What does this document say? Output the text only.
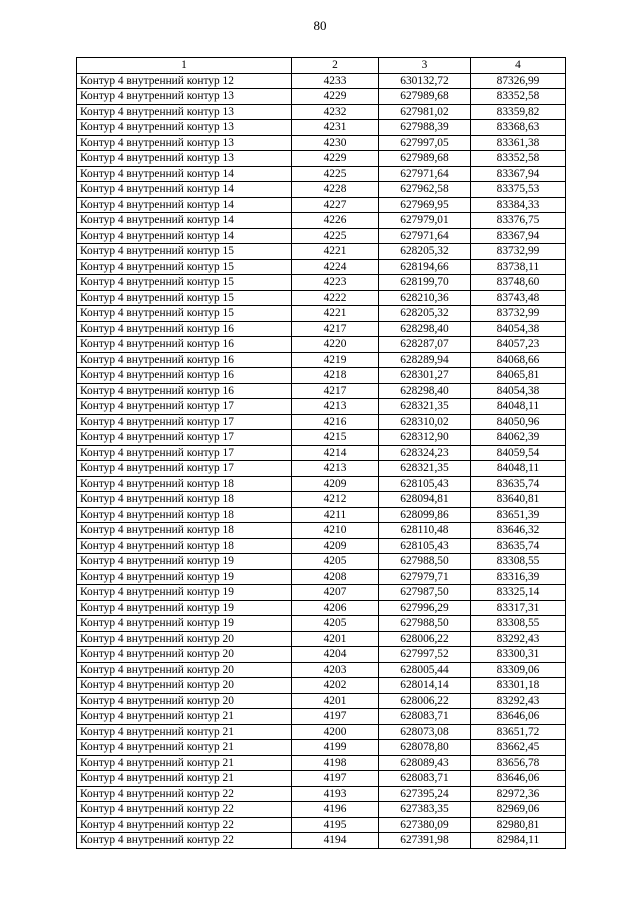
80
1	2	3	4
Контур 4 внутренний контур 12	4233	630132,72	87326,99
Контур 4 внутренний контур 13	4229	627989,68	83352,58
Контур 4 внутренний контур 13	4232	627981,02	83359,82
Контур 4 внутренний контур 13	4231	627988,39	83368,63
Контур 4 внутренний контур 13	4230	627997,05	83361,38
Контур 4 внутренний контур 13	4229	627989,68	83352,58
Контур 4 внутренний контур 14	4225	627971,64	83367,94
Контур 4 внутренний контур 14	4228	627962,58	83375,53
Контур 4 внутренний контур 14	4227	627969,95	83384,33
Контур 4 внутренний контур 14	4226	627979,01	83376,75
Контур 4 внутренний контур 14	4225	627971,64	83367,94
Контур 4 внутренний контур 15	4221	628205,32	83732,99
Контур 4 внутренний контур 15	4224	628194,66	83738,11
Контур 4 внутренний контур 15	4223	628199,70	83748,60
Контур 4 внутренний контур 15	4222	628210,36	83743,48
Контур 4 внутренний контур 15	4221	628205,32	83732,99
Контур 4 внутренний контур 16	4217	628298,40	84054,38
Контур 4 внутренний контур 16	4220	628287,07	84057,23
Контур 4 внутренний контур 16	4219	628289,94	84068,66
Контур 4 внутренний контур 16	4218	628301,27	84065,81
Контур 4 внутренний контур 16	4217	628298,40	84054,38
Контур 4 внутренний контур 17	4213	628321,35	84048,11
Контур 4 внутренний контур 17	4216	628310,02	84050,96
Контур 4 внутренний контур 17	4215	628312,90	84062,39
Контур 4 внутренний контур 17	4214	628324,23	84059,54
Контур 4 внутренний контур 17	4213	628321,35	84048,11
Контур 4 внутренний контур 18	4209	628105,43	83635,74
Контур 4 внутренний контур 18	4212	628094,81	83640,81
Контур 4 внутренний контур 18	4211	628099,86	83651,39
Контур 4 внутренний контур 18	4210	628110,48	83646,32
Контур 4 внутренний контур 18	4209	628105,43	83635,74
Контур 4 внутренний контур 19	4205	627988,50	83308,55
Контур 4 внутренний контур 19	4208	627979,71	83316,39
Контур 4 внутренний контур 19	4207	627987,50	83325,14
Контур 4 внутренний контур 19	4206	627996,29	83317,31
Контур 4 внутренний контур 19	4205	627988,50	83308,55
Контур 4 внутренний контур 20	4201	628006,22	83292,43
Контур 4 внутренний контур 20	4204	627997,52	83300,31
Контур 4 внутренний контур 20	4203	628005,44	83309,06
Контур 4 внутренний контур 20	4202	628014,14	83301,18
Контур 4 внутренний контур 20	4201	628006,22	83292,43
Контур 4 внутренний контур 21	4197	628083,71	83646,06
Контур 4 внутренний контур 21	4200	628073,08	83651,72
Контур 4 внутренний контур 21	4199	628078,80	83662,45
Контур 4 внутренний контур 21	4198	628089,43	83656,78
Контур 4 внутренний контур 21	4197	628083,71	83646,06
Контур 4 внутренний контур 22	4193	627395,24	82972,36
Контур 4 внутренний контур 22	4196	627383,35	82969,06
Контур 4 внутренний контур 22	4195	627380,09	82980,81
Контур 4 внутренний контур 22	4194	627391,98	82984,11
